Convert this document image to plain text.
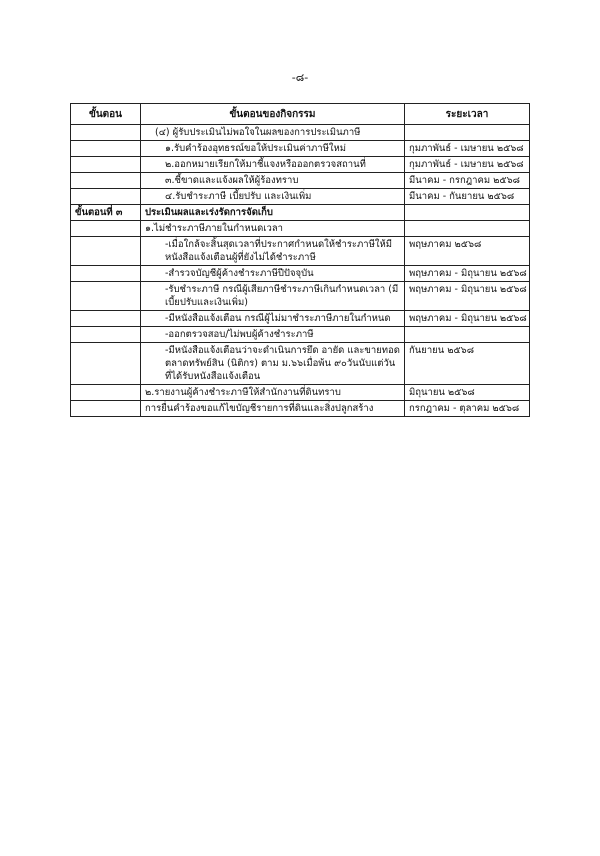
-๘-
ขั้นตอน	ขั้นตอนของกิจกรรม	ระยะเวลา
	(๔) ผู้รับประเมินไม่พอใจในผลของการประเมินภาษี	
	๑.รับคำร้องอุทธรณ์ขอให้ประเมินค่าภาษีใหม่	กุมภาพันธ์ - เมษายน ๒๕๖๘
	๒.ออกหมายเรียกให้มาชี้แจงหรือออกตรวจสถานที่	กุมภาพันธ์ - เมษายน ๒๕๖๘
	๓.ชี้ขาดและแจ้งผลให้ผู้ร้องทราบ	มีนาคม - กรกฎาคม ๒๕๖๘
	๔.รับชำระภาษี เบี้ยปรับ และเงินเพิ่ม	มีนาคม - กันยายน ๒๕๖๘
ขั้นตอนที่ ๓	ประเมินผลและเร่งรัดการจัดเก็บ	
	๑.ไม่ชำระภาษีภายในกำหนดเวลา	
	-เมื่อใกล้จะสิ้นสุดเวลาที่ประกาศกำหนดให้ชำระภาษีให้มีหนังสือแจ้งเตือนผู้ที่ยังไม่ได้ชำระภาษี	พฤษภาคม ๒๕๖๘
	-สำรวจบัญชีผู้ค้างชำระภาษีปีปัจจุบัน	พฤษภาคม - มิถุนายน ๒๕๖๘
	-รับชำระภาษี กรณีผู้เสียภาษีชำระภาษีเกินกำหนดเวลา (มีเบี้ยปรับและเงินเพิ่ม)	พฤษภาคม - มิถุนายน ๒๕๖๘
	-มีหนังสือแจ้งเตือน กรณีผู้ไม่มาชำระภาษีภายในกำหนด	พฤษภาคม - มิถุนายน ๒๕๖๘
	-ออกตรวจสอบ/ไม่พบผู้ค้างชำระภาษี	
	-มีหนังสือแจ้งเตือนว่าจะดำเนินการยึด อายัด และขายทอดตลาดทรัพย์สิน (นิติกร) ตาม ม.๖๖เมื่อพ้น ๙๐วันนับแต่วันที่ได้รับหนังสือแจ้งเตือน	กันยายน ๒๕๖๘
	๒.รายงานผู้ค้างชำระภาษีให้สำนักงานที่ดินทราบ	มิถุนายน ๒๕๖๘
	การยื่นคำร้องขอแก้ไขบัญชีรายการที่ดินและสิ่งปลูกสร้าง	กรกฎาคม - ตุลาคม ๒๕๖๘
